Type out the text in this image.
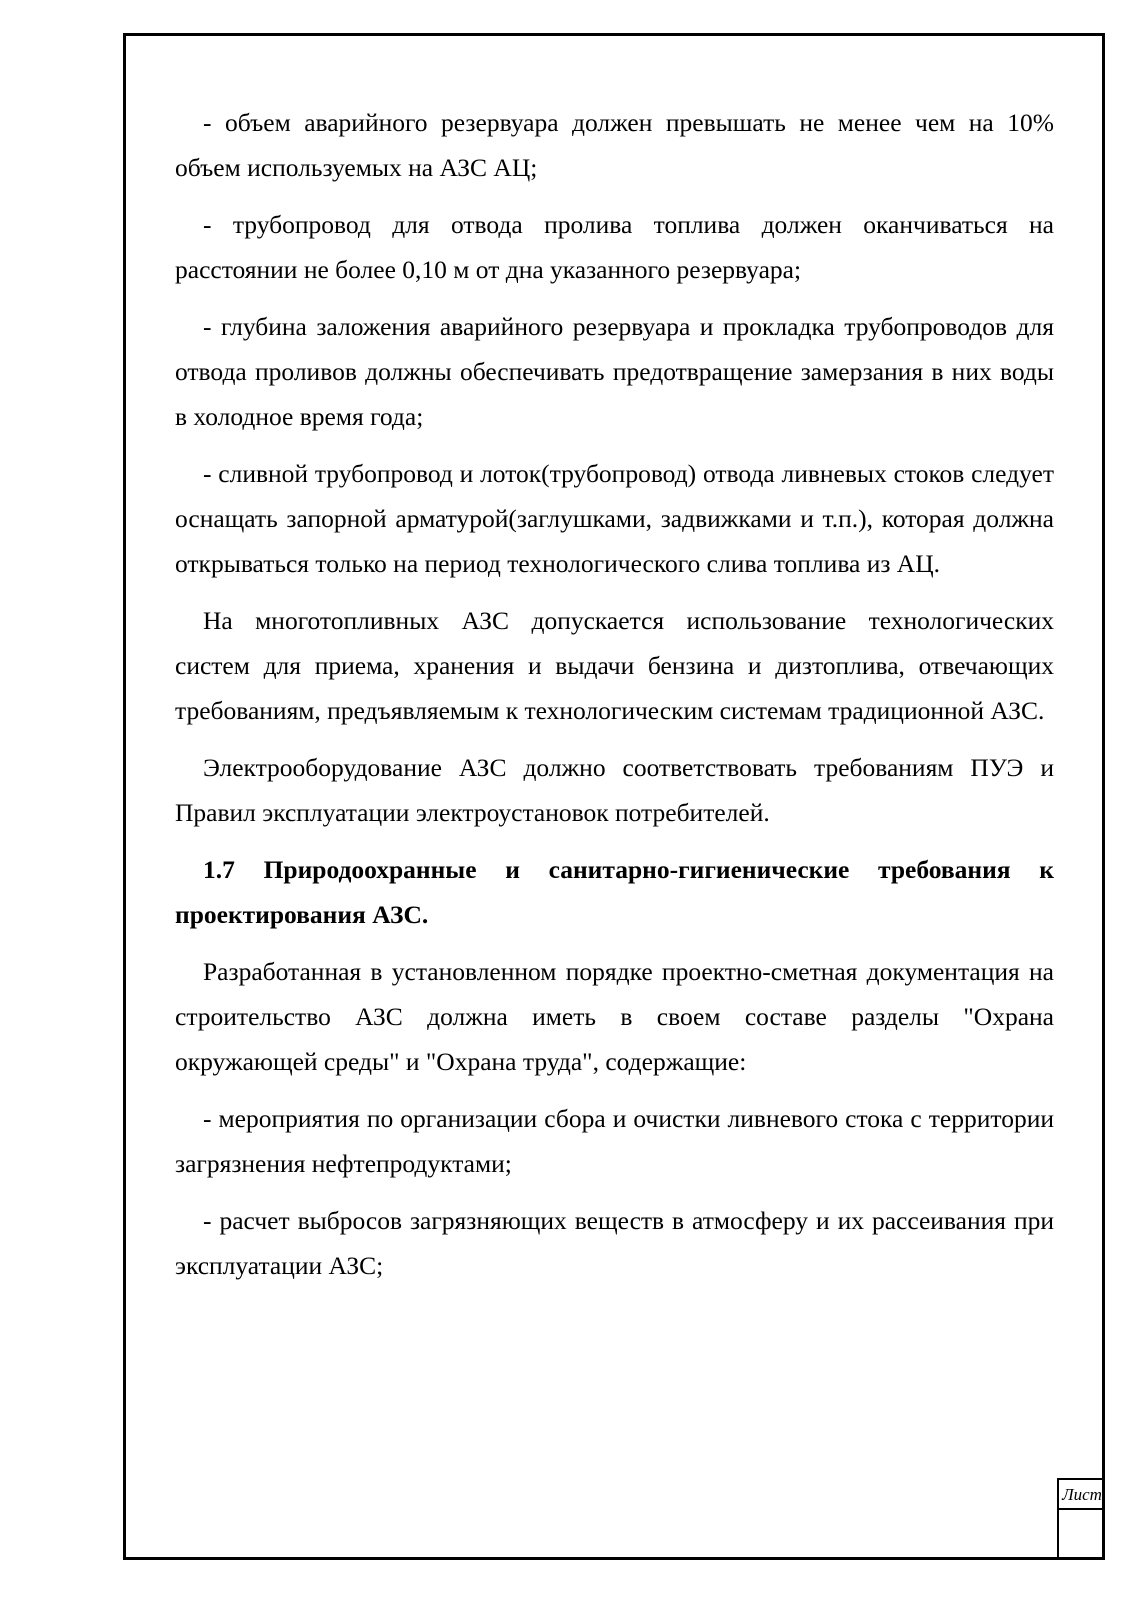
- объем аварийного резервуара должен превышать не менее чем на 10% объем используемых на АЗС АЦ;

- трубопровод для отвода пролива топлива должен оканчиваться на расстоянии не более 0,10 м от дна указанного резервуара;

- глубина заложения аварийного резервуара и прокладка трубопроводов для отвода проливов должны обеспечивать предотвращение замерзания в них воды в холодное время года;

- сливной трубопровод и лоток(трубопровод) отвода ливневых стоков следует оснащать запорной арматурой(заглушками, задвижками и т.п.), которая должна открываться только на период технологического слива топлива из АЦ.

На многотопливных АЗС допускается использование технологических систем для приема, хранения и выдачи бензина и дизтоплива, отвечающих требованиям, предъявляемым к технологическим системам традиционной АЗС.

Электрооборудование АЗС должно соответствовать требованиям ПУЭ и Правил эксплуатации электроустановок потребителей.

1.7 Природоохранные и санитарно-гигиенические требования к проектирования АЗС.

Разработанная в установленном порядке проектно-сметная документация на строительство АЗС должна иметь в своем составе разделы "Охрана окружающей среды" и "Охрана труда", содержащие:

- мероприятия по организации сбора и очистки ливневого стока с территории загрязнения нефтепродуктами;

- расчет выбросов загрязняющих веществ в атмосферу и их рассеивания при эксплуатации АЗС;

Лист
